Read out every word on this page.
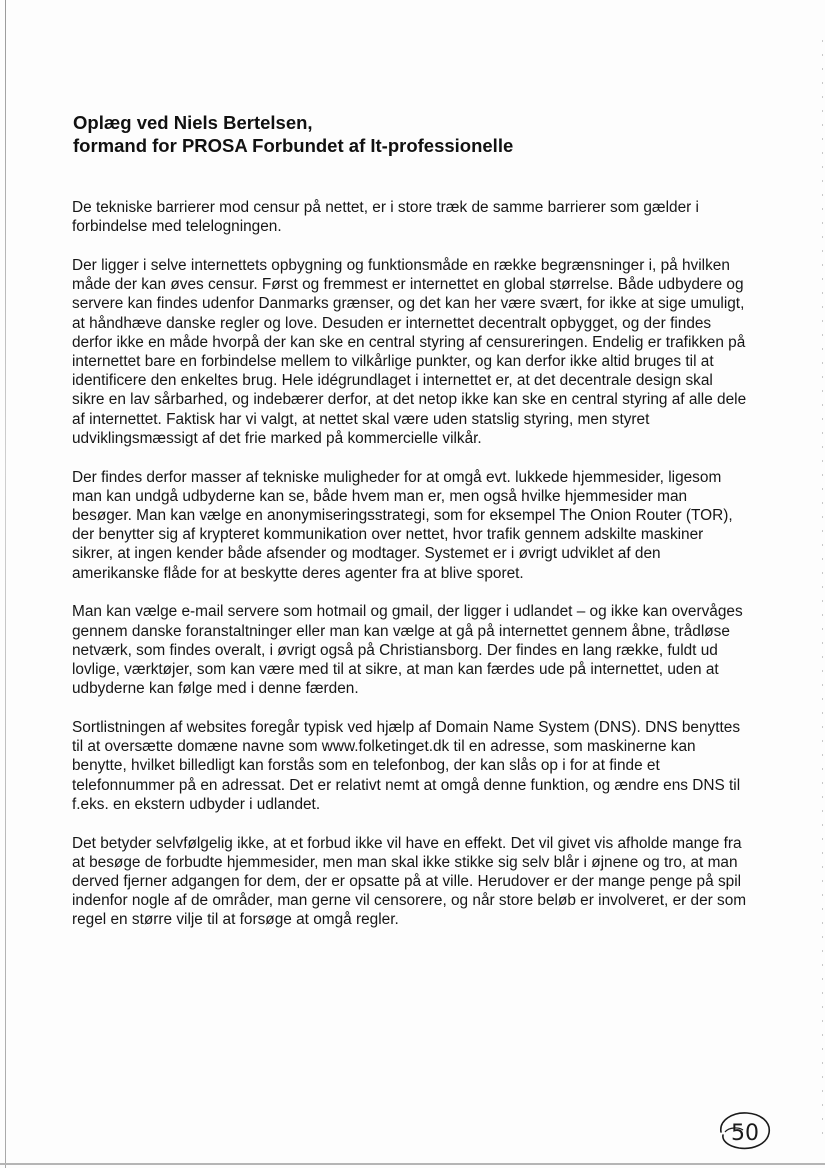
Oplæg ved Niels Bertelsen,
formand for PROSA Forbundet af It-professionelle

De tekniske barrierer mod censur på nettet, er i store træk de samme barrierer som gælder i forbindelse med telelogningen.

Der ligger i selve internettets opbygning og funktionsmåde en række begrænsninger i, på hvilken måde der kan øves censur. Først og fremmest er internettet en global størrelse. Både udbydere og servere kan findes udenfor Danmarks grænser, og det kan her være svært, for ikke at sige umuligt, at håndhæve danske regler og love. Desuden er internettet decentralt opbygget, og der findes derfor ikke en måde hvorpå der kan ske en central styring af censureringen. Endelig er trafikken på internettet bare en forbindelse mellem to vilkårlige punkter, og kan derfor ikke altid bruges til at identificere den enkeltes brug. Hele idégrundlaget i internettet er, at det decentrale design skal sikre en lav sårbarhed, og indebærer derfor, at det netop ikke kan ske en central styring af alle dele af internettet. Faktisk har vi valgt, at nettet skal være uden statslig styring, men styret udviklingsmæssigt af det frie marked på kommercielle vilkår.

Der findes derfor masser af tekniske muligheder for at omgå evt. lukkede hjemmesider, ligesom man kan undgå udbyderne kan se, både hvem man er, men også hvilke hjemmesider man besøger. Man kan vælge en anonymiseringsstrategi, som for eksempel The Onion Router (TOR), der benytter sig af krypteret kommunikation over nettet, hvor trafik gennem adskilte maskiner sikrer, at ingen kender både afsender og modtager. Systemet er i øvrigt udviklet af den amerikanske flåde for at beskytte deres agenter fra at blive sporet.

Man kan vælge e-mail servere som hotmail og gmail, der ligger i udlandet – og ikke kan overvåges gennem danske foranstaltninger eller man kan vælge at gå på internettet gennem åbne, trådløse netværk, som findes overalt, i øvrigt også på Christiansborg. Der findes en lang række, fuldt ud lovlige, værktøjer, som kan være med til at sikre, at man kan færdes ude på internettet, uden at udbyderne kan følge med i denne færden.

Sortlistningen af websites foregår typisk ved hjælp af Domain Name System (DNS). DNS benyttes til at oversætte domæne navne som www.folketinget.dk til en adresse, som maskinerne kan benytte, hvilket billedligt kan forstås som en telefonbog, der kan slås op i for at finde et telefonnummer på en adressat. Det er relativt nemt at omgå denne funktion, og ændre ens DNS til f.eks. en ekstern udbyder i udlandet.

Det betyder selvfølgelig ikke, at et forbud ikke vil have en effekt. Det vil givet vis afholde mange fra at besøge de forbudte hjemmesider, men man skal ikke stikke sig selv blår i øjnene og tro, at man derved fjerner adgangen for dem, der er opsatte på at ville. Herudover er der mange penge på spil indenfor nogle af de områder, man gerne vil censorere, og når store beløb er involveret, er der som regel en større vilje til at forsøge at omgå regler.

50
